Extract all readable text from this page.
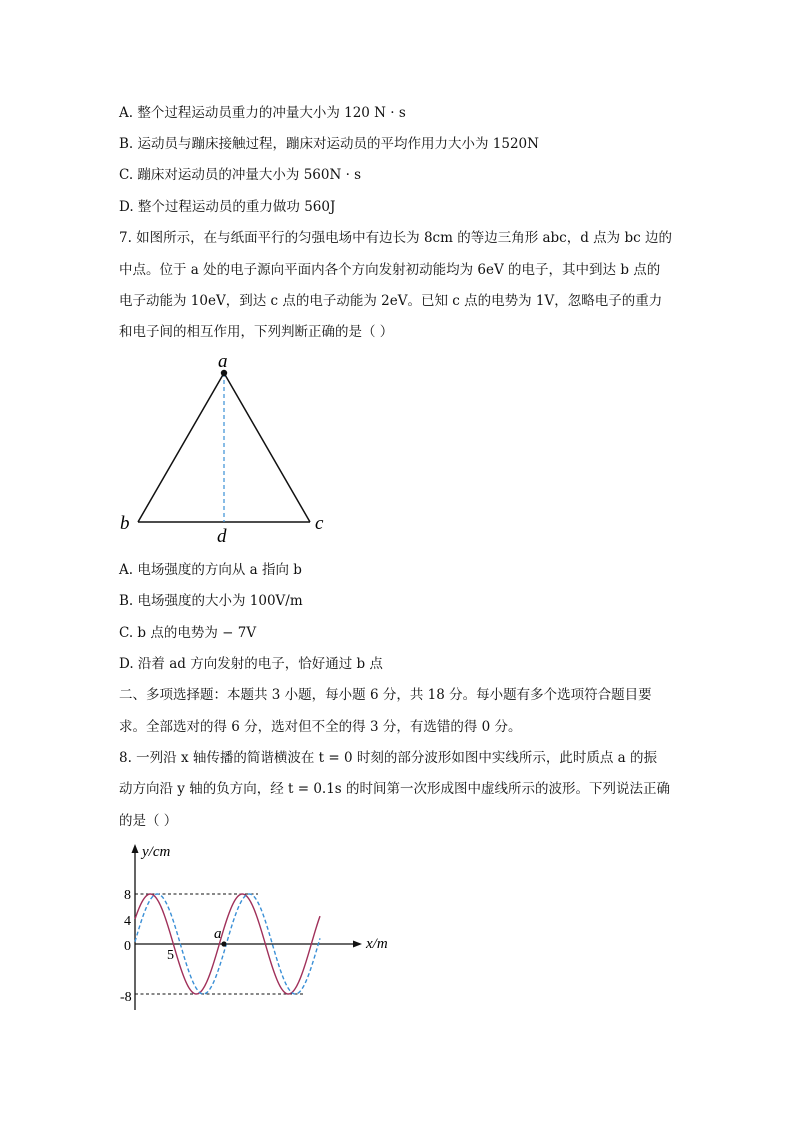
A. 整个过程运动员重力的冲量大小为 120 N · s
B. 运动员与蹦床接触过程，蹦床对运动员的平均作用力大小为 1520N
C. 蹦床对运动员的冲量大小为 560N · s
D. 整个过程运动员的重力做功 560J
7. 如图所示，在与纸面平行的匀强电场中有边长为 8cm 的等边三角形 abc，d 点为 bc 边的
中点。位于 a 处的电子源向平面内各个方向发射初动能均为 6eV 的电子，其中到达 b 点的
电子动能为 10eV，到达 c 点的电子动能为 2eV。已知 c 点的电势为 1V，忽略电子的重力
和电子间的相互作用，下列判断正确的是（ ）
a
b	c
d
A. 电场强度的方向从 a 指向 b
B. 电场强度的大小为 100V/m
C. b 点的电势为 − 7V
D. 沿着 ad 方向发射的电子，恰好通过 b 点
二、多项选择题：本题共 3 小题，每小题 6 分，共 18 分。每小题有多个选项符合题目要
求。全部选对的得 6 分，选对但不全的得 3 分，有选错的得 0 分。
8. 一列沿 x 轴传播的简谐横波在 t = 0 时刻的部分波形如图中实线所示，此时质点 a 的振
动方向沿 y 轴的负方向，经 t = 0.1s 的时间第一次形成图中虚线所示的波形。下列说法正确
的是（ ）
y/cm
x/m
8
4
0
5
-8
a
